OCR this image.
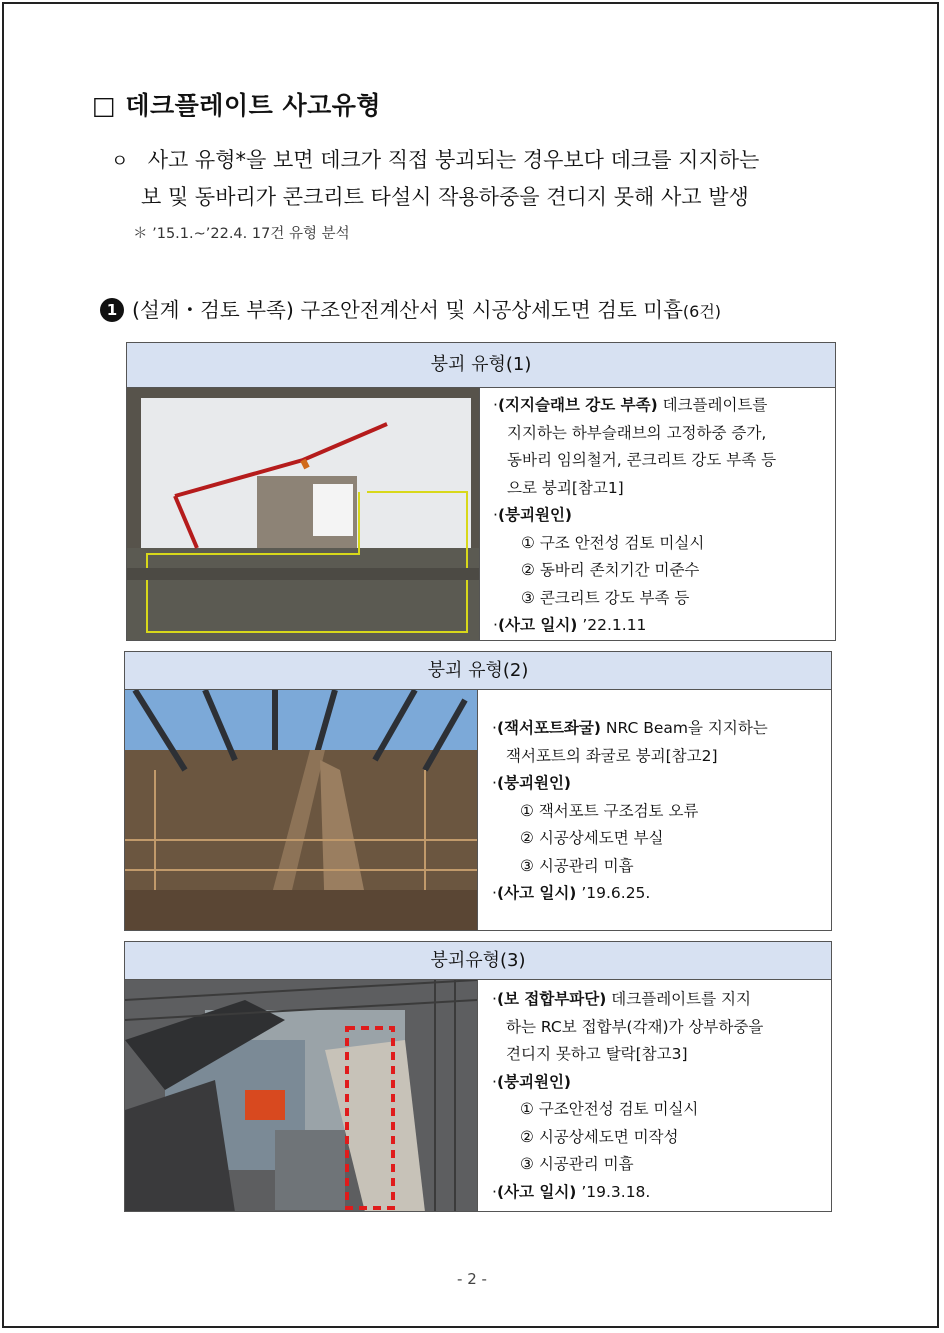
□ 데크플레이트 사고유형
ㅇ 사고 유형*을 보면 데크가 직접 붕괴되는 경우보다 데크를 지지하는
보 및 동바리가 콘크리트 타설시 작용하중을 견디지 못해 사고 발생
＊ ’15.1.~’22.4. 17건 유형 분석
1 (설계・검토 부족) 구조안전계산서 및 시공상세도면 검토 미흡(6건)
붕괴 유형(1)
·(지지슬래브 강도 부족) 데크플레이트를
지지하는 하부슬래브의 고정하중 증가,
동바리 임의철거, 콘크리트 강도 부족 등
으로 붕괴[참고1]
·(붕괴원인)
① 구조 안전성 검토 미실시
② 동바리 존치기간 미준수
③ 콘크리트 강도 부족 등
·(사고 일시) ’22.1.11
붕괴 유형(2)
·(잭서포트좌굴) NRC Beam을 지지하는
잭서포트의 좌굴로 붕괴[참고2]
·(붕괴원인)
① 잭서포트 구조검토 오류
② 시공상세도면 부실
③ 시공관리 미흡
·(사고 일시) ’19.6.25.
붕괴유형(3)
·(보 접합부파단) 데크플레이트를 지지
하는 RC보 접합부(각재)가 상부하중을
견디지 못하고 탈락[참고3]
·(붕괴원인)
① 구조안전성 검토 미실시
② 시공상세도면 미작성
③ 시공관리 미흡
·(사고 일시) ’19.3.18.
- 2 -
